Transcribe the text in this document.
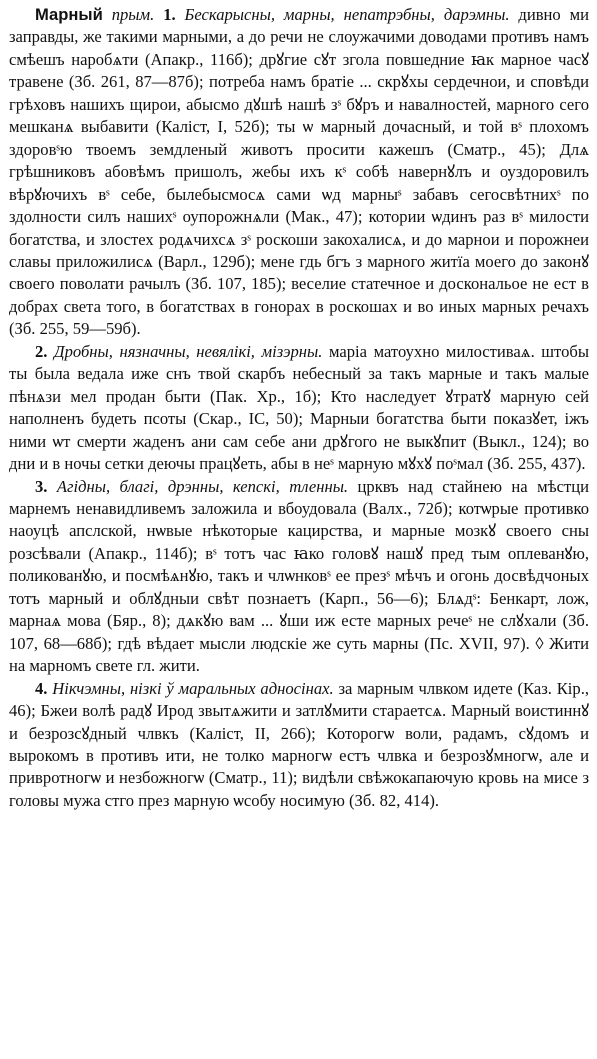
Марный прым. 1. Бескарысны, марны, непатрэбны, дарэмны. дивно ми заправды, же такими марными, а до речи не слоужачими доводами противъ намъ смѣешъ наробѧти (Апакр., 116б); дрꙋгие сꙋт згола повшедние ꙗк марное часꙋ травене (Зб. 261, 87—87б); потреба намъ братіе ... скрꙋхы сердечнои, и сповѣди грѣховъ нашихъ щирои, абысмо дꙋшѣ нашѣ зˢ бꙋръ и навалностей, марного сего мешканѧ выбавити (Каліст, I, 52б); ты ѡ марный дочасный, и той вˢ плохомъ здоровˢю твоемъ земдленый животъ просити кажешъ (Сматр., 45); Длѧ грѣшниковъ абовѣмъ пришолъ, жебы ихъ кˢ собѣ навернꙋлъ и оуздоровилъ вѣрꙋючихъ вˢ себе, былебысмосѧ сами ѡд марныˢ забавъ сегосвѣтнихˢ по здолности силъ нашихˢ оупорожнѧли (Мак., 47); котории ѡдинъ раз вˢ милости богатства, и злостех родѧчихсѧ зˢ роскоши закохалисѧ, и до марнои и порожнеи славы приложилисѧ (Варл., 129б); мене гдь бгъ з марного житїа моего до законꙋ своего поволати рачылъ (Зб. 107, 185); веселие статечное и доскональое не ест в добрах света того, в богатствах в гонорах в роскошах и во иных марных речахъ (Зб. 255, 59—59б).

2. Дробны, нязначны, невялікі, мізэрны. маріа матоухно милостиваѧ. штобы ты была ведала иже снъ твой скарбъ небесный за такъ марные и такъ малые пѣнѧзи мел продан быти (Пак. Хр., 1б); Кто наследует ꙋтратꙋ марную сей наполненъ будеть псоты (Скар., ІС, 50); Марныи богатства быти показꙋет, іжъ ними ѡт смерти жаденъ ани сам себе ани дрꙋгого не выкꙋпит (Выкл., 124); во дни и в ночы сетки деючы працꙋеть, абы в неˢ марную мꙋхꙋ поˢмал (Зб. 255, 437).

3. Агідны, благі, дрэнны, кепскі, тленны. црквъ над стайнею на мѣстци марнемъ ненавидливемъ заложила и вбоудовала (Валх., 72б); котѡрые противко наоуцѣ апслской, нѡвые нѣкоторые кацирства, и марные мозкꙋ своего сны розсѣвали (Апакр., 114б); вˢ тотъ час ꙗко головꙋ нашꙋ пред тым оплеванꙋю, поликованꙋю, и посмѣѧнꙋю, такъ и члѡнковˢ ее презˢ мѣчъ и огонь досвѣдчоных тотъ марный и облꙋдныи свѣт познаетъ (Карп., 56—6); Блѧдˢ: Бенкарт, лож, марнаѧ мова (Бяр., 8); дѧкꙋю вам ... ꙋши иж есте марных речеˢ не слꙋхали (Зб. 107, 68—68б); гдѣ вѣдает мысли людскіе же суть марны (Пс. XVII, 97). ◊ Жити на марномъ свете гл. жити.

4. Нікчэмны, нізкі ў маральных адносінах. за марным члвком идете (Каз. Кір., 46); Бжеи волѣ радꙋ Ирод звытѧжити и затлꙋмити стараетсѧ. Марный воистиннꙋ и безрозсꙋдный члвкъ (Каліст, II, 266); Которогѡ воли, радамъ, сꙋдомъ и вырокомъ в противъ ити, не толко марногѡ естъ члвка и безрозꙋмногѡ, але и привротногѡ и незбожногѡ (Сматр., 11); видѣли свѣжокапаючую кровь на мисе з головы мужа стго през марную ѡсобу носимую (Зб. 82, 414).
